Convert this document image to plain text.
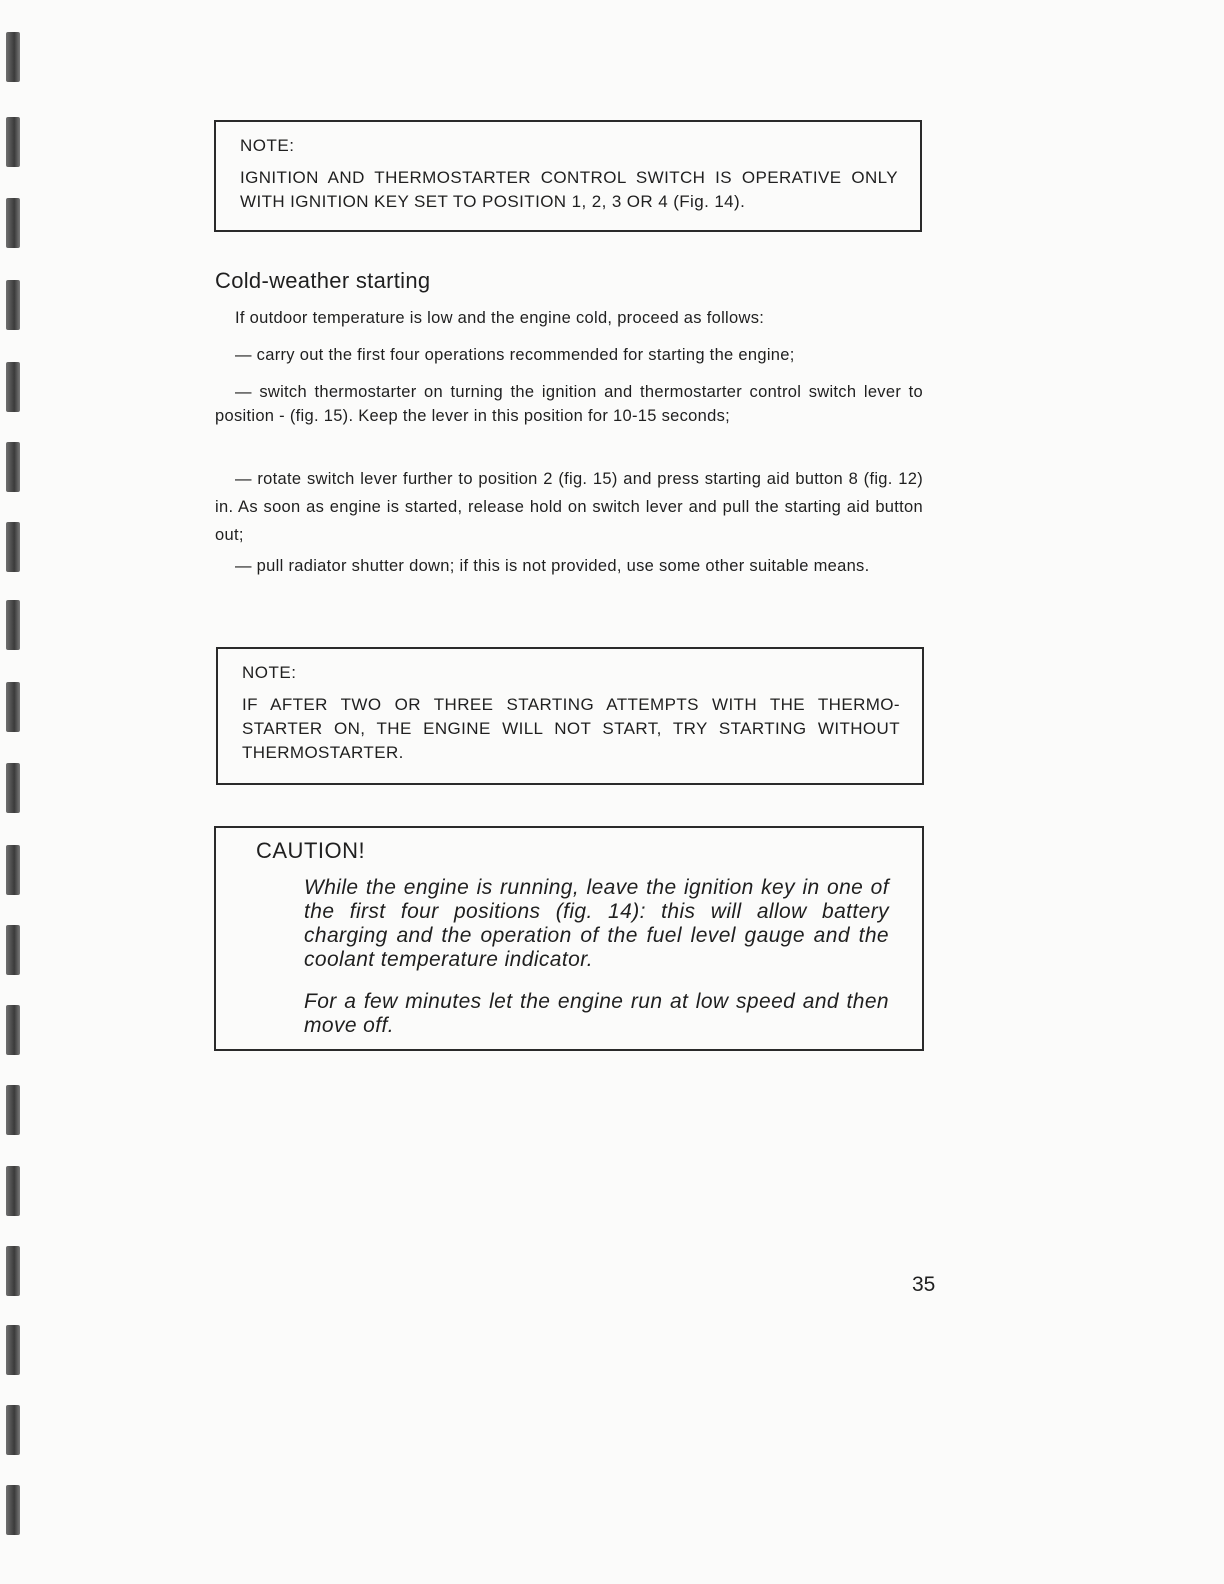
NOTE:
IGNITION AND THERMOSTARTER CONTROL SWITCH IS OPERATIVE ONLY WITH IGNITION KEY SET TO POSITION 1, 2, 3 OR 4 (Fig. 14).
Cold-weather starting
If outdoor temperature is low and the engine cold, proceed as follows:
— carry out the first four operations recommended for starting the engine;
— switch thermostarter on turning the ignition and thermostarter control switch lever to position - (fig. 15). Keep the lever in this position for 10-15 seconds;
— rotate switch lever further to position 2 (fig. 15) and press starting aid button 8 (fig. 12) in. As soon as engine is started, release hold on switch lever and pull the starting aid button out;
— pull radiator shutter down; if this is not provided, use some other suitable means.
NOTE:
IF AFTER TWO OR THREE STARTING ATTEMPTS WITH THE THERMO-STARTER ON, THE ENGINE WILL NOT START, TRY STARTING WITHOUT THERMOSTARTER.
CAUTION!
While the engine is running, leave the ignition key in one of the first four positions (fig. 14): this will allow battery charging and the operation of the fuel level gauge and the coolant temperature indicator.
For a few minutes let the engine run at low speed and then move off.
35
